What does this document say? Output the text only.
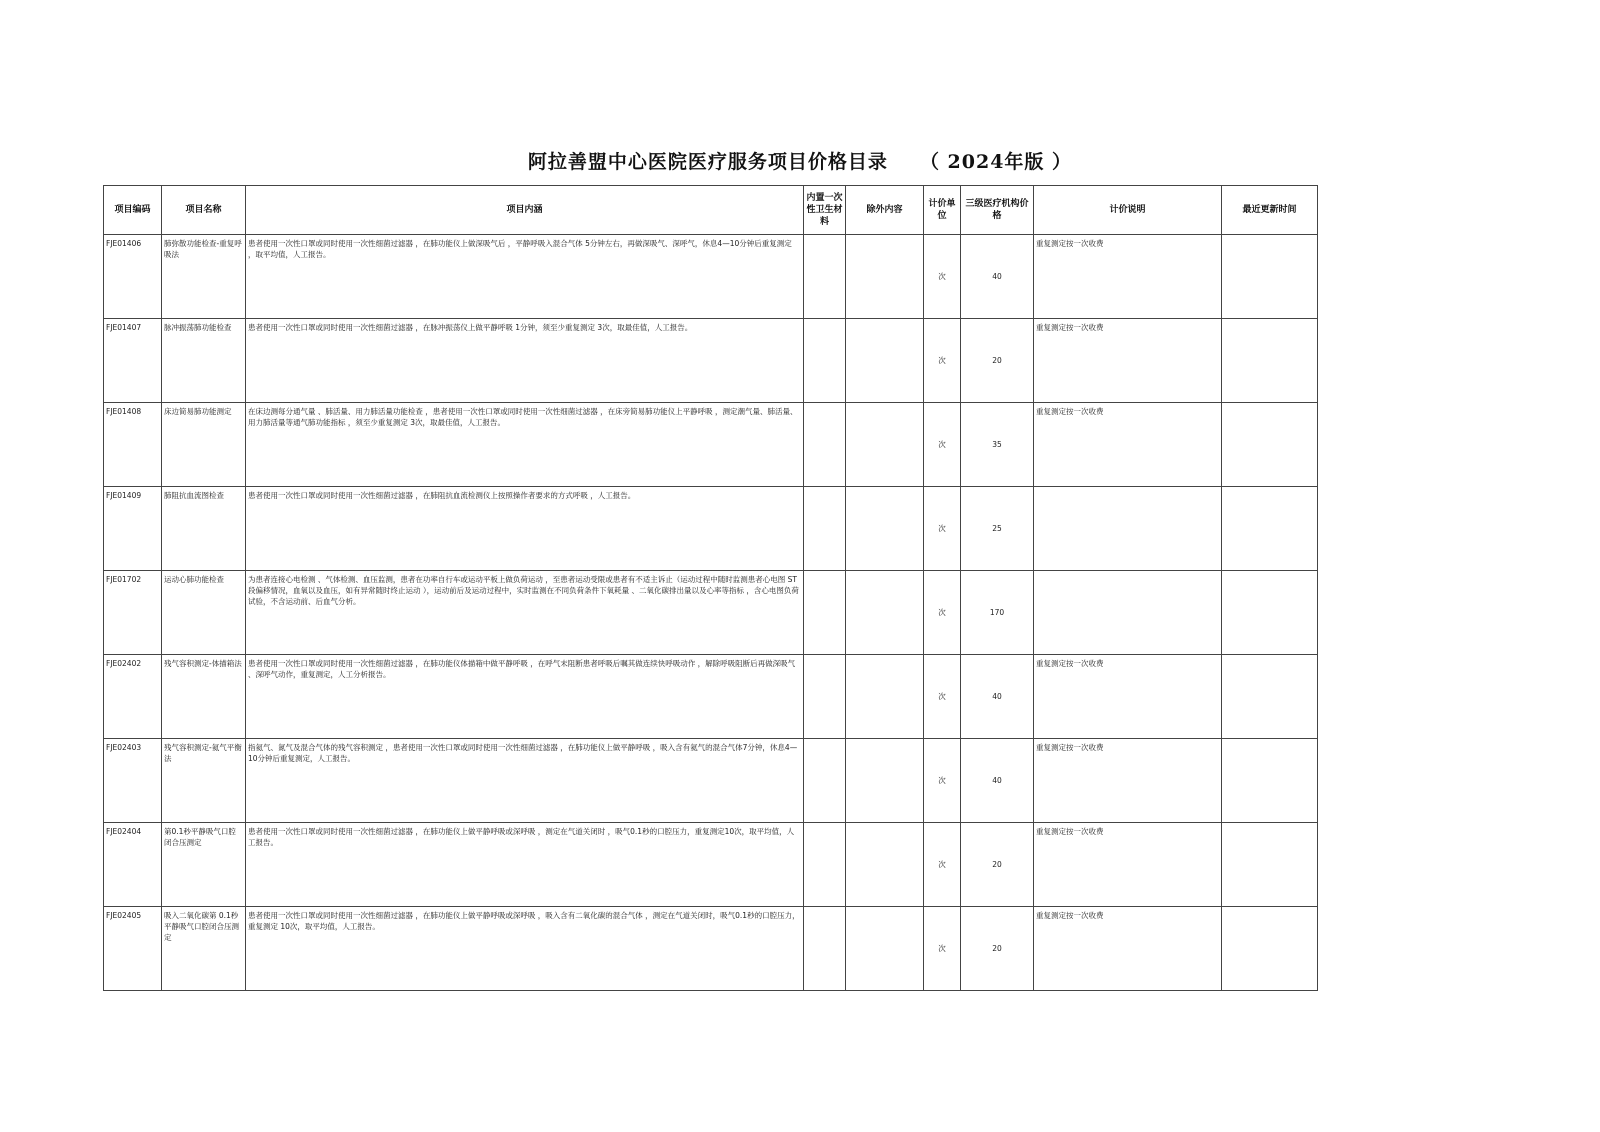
阿拉善盟中心医院医疗服务项目价格目录 （ 2024年版 ）
项目编码	项目名称	项目内涵	内置一次性卫生材料	除外内容	计价单位	三级医疗机构价格	计价说明	最近更新时间
FJE01406	肺弥散功能检查-重复呼吸法	患者使用一次性口罩或同时使用一次性细菌过滤器 ，在肺功能仪上做深吸气后 ，平静呼吸入混合气体 5分钟左右，再做深吸气、深呼气，休息4—10分钟后重复测定 ，取平均值，人工报告。			次	40	重复测定按一次收费	
FJE01407	脉冲振荡肺功能检查	患者使用一次性口罩或同时使用一次性细菌过滤器 ，在脉冲振荡仪上做平静呼吸 1分钟，须至少重复测定 3次，取最佳值，人工报告。			次	20	重复测定按一次收费	
FJE01408	床边简易肺功能测定	在床边测每分通气量 、肺活量、用力肺活量功能检查 ，患者使用一次性口罩或同时使用一次性细菌过滤器 ，在床旁简易肺功能仪上平静呼吸 ，测定潮气量、肺活量、用力肺活量等通气肺功能指标 ，须至少重复测定 3次，取最佳值，人工报告。			次	35	重复测定按一次收费	
FJE01409	肺阻抗血流图检查	患者使用一次性口罩或同时使用一次性细菌过滤器 ，在肺阻抗血流检测仪上按照操作者要求的方式呼吸 ，人工报告。			次	25		
FJE01702	运动心肺功能检查	为患者连接心电检测 、气体检测、血压监测，患者在功率自行车或运动平板上做负荷运动 ，至患者运动受限或患者有不适主诉止（运动过程中随时监测患者心电图 ST段偏移情况，血氧以及血压，如有异常随时终止运动 ），运动前后及运动过程中，实时监测在不同负荷条件下氧耗量 、二氧化碳排出量以及心率等指标 ，含心电图负荷试验，不含运动前、后血气分析。			次	170		
FJE02402	残气容积测定-体描箱法	患者使用一次性口罩或同时使用一次性细菌过滤器 ，在肺功能仪体描箱中做平静呼吸 ，在呼气末阻断患者呼吸后嘱其做连续快呼吸动作 ，解除呼吸阻断后再做深吸气 、深呼气动作，重复测定，人工分析报告。			次	40	重复测定按一次收费	
FJE02403	残气容积测定-氦气平衡法	指氦气、氮气及混合气体的残气容积测定 ，患者使用一次性口罩或同时使用一次性细菌过滤器 ，在肺功能仪上做平静呼吸 ，吸入含有氦气的混合气体7分钟，休息4—10分钟后重复测定，人工报告。			次	40	重复测定按一次收费	
FJE02404	第0.1秒平静吸气口腔闭合压测定	患者使用一次性口罩或同时使用一次性细菌过滤器 ，在肺功能仪上做平静呼吸或深呼吸 ，测定在气道关闭时 ，吸气0.1秒的口腔压力，重复测定10次，取平均值，人工报告。			次	20	重复测定按一次收费	
FJE02405	吸入二氧化碳第 0.1秒平静吸气口腔闭合压测定	患者使用一次性口罩或同时使用一次性细菌过滤器 ，在肺功能仪上做平静呼吸或深呼吸 ，吸入含有二氧化碳的混合气体 ，测定在气道关闭时，吸气0.1秒的口腔压力，重复测定 10次，取平均值，人工报告。			次	20	重复测定按一次收费	
